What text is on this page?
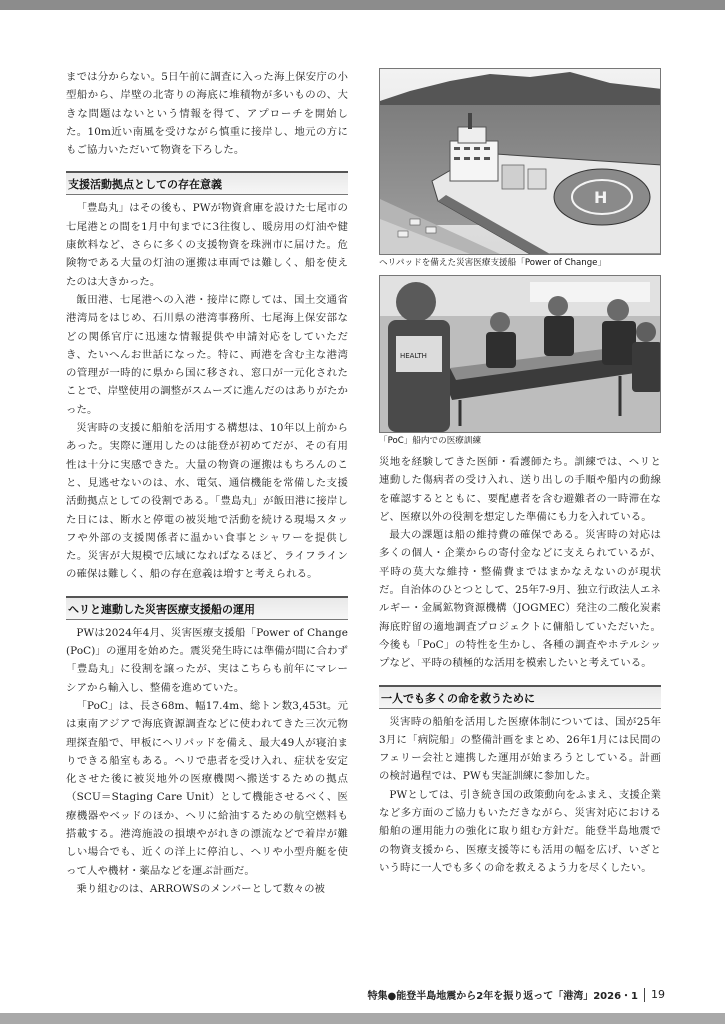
までは分からない。5日午前に調査に入った海上保安庁の小型船から、岸壁の北寄りの海底に堆積物が多いものの、大きな問題はないという情報を得て、アプローチを開始した。10m近い南風を受けながら慎重に接岸し、地元の方にもご協力いただいて物資を下ろした。

支援活動拠点としての存在意義

「豊島丸」はその後も、PWが物資倉庫を設けた七尾市の七尾港との間を1月中旬までに3往復し、暖房用の灯油や健康飲料など、さらに多くの支援物資を珠洲市に届けた。危険物である大量の灯油の運搬は車両では難しく、船を使えたのは大きかった。

飯田港、七尾港への入港・接岸に際しては、国土交通省港湾局をはじめ、石川県の港湾事務所、七尾海上保安部などの関係官庁に迅速な情報提供や申請対応をしていただき、たいへんお世話になった。特に、両港を含む主な港湾の管理が一時的に県から国に移され、窓口が一元化されたことで、岸壁使用の調整がスムーズに進んだのはありがたかった。

災害時の支援に船舶を活用する構想は、10年以上前からあった。実際に運用したのは能登が初めてだが、その有用性は十分に実感できた。大量の物資の運搬はもちろんのこと、見逃せないのは、水、電気、通信機能を常備した支援活動拠点としての役割である。「豊島丸」が飯田港に接岸した日には、断水と停電の被災地で活動を続ける現場スタッフや外部の支援関係者に温かい食事とシャワーを提供した。災害が大規模で広域になればなるほど、ライフラインの確保は難しく、船の存在意義は増すと考えられる。

ヘリと連動した災害医療支援船の運用

PWは2024年4月、災害医療支援船「Power of Change (PoC)」の運用を始めた。震災発生時には準備が間に合わず「豊島丸」に役割を譲ったが、実はこちらも前年にマレーシアから輸入し、整備を進めていた。

「PoC」は、長さ68m、幅17.4m、総トン数3,453t。元は東南アジアで海底資源調査などに使われてきた三次元物理探査船で、甲板にヘリパッドを備え、最大49人が寝泊まりできる船室もある。ヘリで患者を受け入れ、症状を安定化させた後に被災地外の医療機関へ搬送するための拠点（SCU＝Staging Care Unit）として機能させるべく、医療機器やベッドのほか、ヘリに給油するための航空燃料も搭載する。港湾施設の損壊やがれきの漂流などで着岸が難しい場合でも、近くの洋上に停泊し、ヘリや小型舟艇を使って人や機材・薬品などを運ぶ計画だ。

乗り組むのは、ARROWSのメンバーとして数々の被

H
ヘリパッドを備えた災害医療支援船「Power of Change」
HEALTH
「PoC」船内での医療訓練

災地を経験してきた医師・看護師たち。訓練では、ヘリと連動した傷病者の受け入れ、送り出しの手順や船内の動線を確認するとともに、要配慮者を含む避難者の一時滞在など、医療以外の役割を想定した準備にも力を入れている。

最大の課題は船の維持費の確保である。災害時の対応は多くの個人・企業からの寄付金などに支えられているが、平時の莫大な維持・整備費まではまかなえないのが現状だ。自治体のひとつとして、25年7-9月、独立行政法人エネルギー・金属鉱物資源機構（JOGMEC）発注の二酸化炭素海底貯留の適地調査プロジェクトに傭船していただいた。今後も「PoC」の特性を生かし、各種の調査やホテルシップなど、平時の積極的な活用を模索したいと考えている。

一人でも多くの命を救うために

災害時の船舶を活用した医療体制については、国が25年3月に「病院船」の整備計画をまとめ、26年1月には民間のフェリー会社と連携した運用が始まろうとしている。計画の検討過程では、PWも実証訓練に参加した。

PWとしては、引き続き国の政策動向をふまえ、支援企業など多方面のご協力もいただきながら、災害対応における船舶の運用能力の強化に取り組む方針だ。能登半島地震での物資支援から、医療支援等にも活用の幅を広げ、いざという時に一人でも多くの命を救えるよう力を尽くしたい。

特集●能登半島地震から2年を振り返って「港湾」2026・1 19
